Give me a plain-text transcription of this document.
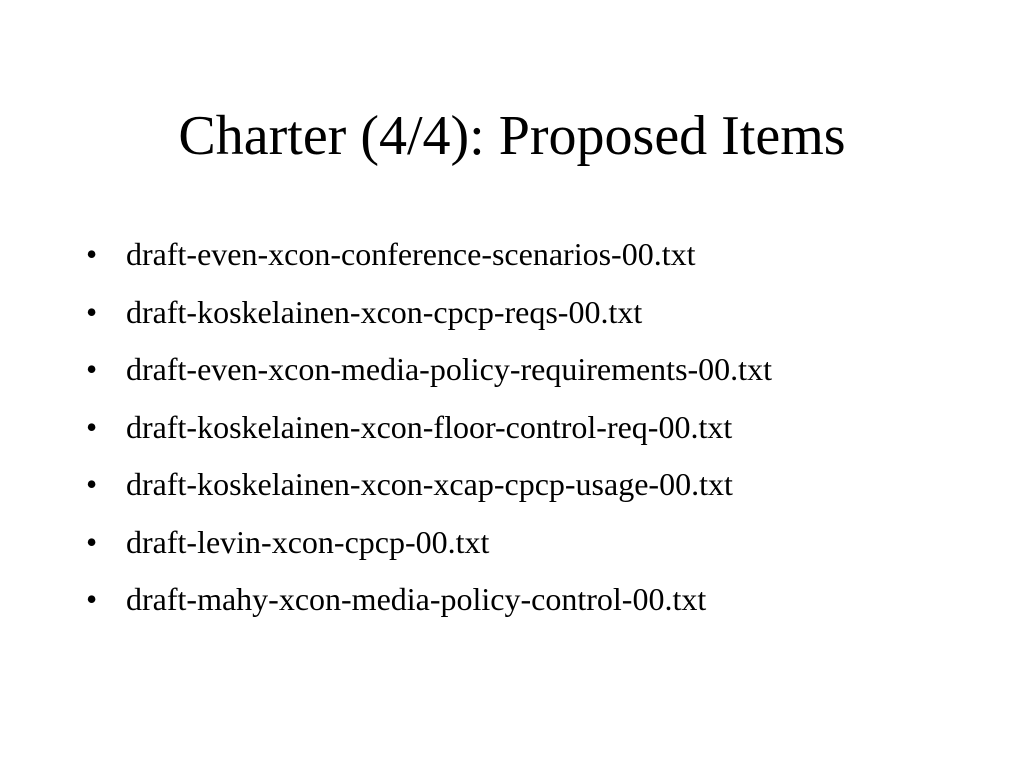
Charter (4/4): Proposed Items
• draft-even-xcon-conference-scenarios-00.txt
• draft-koskelainen-xcon-cpcp-reqs-00.txt
• draft-even-xcon-media-policy-requirements-00.txt
• draft-koskelainen-xcon-floor-control-req-00.txt
• draft-koskelainen-xcon-xcap-cpcp-usage-00.txt
• draft-levin-xcon-cpcp-00.txt
• draft-mahy-xcon-media-policy-control-00.txt
